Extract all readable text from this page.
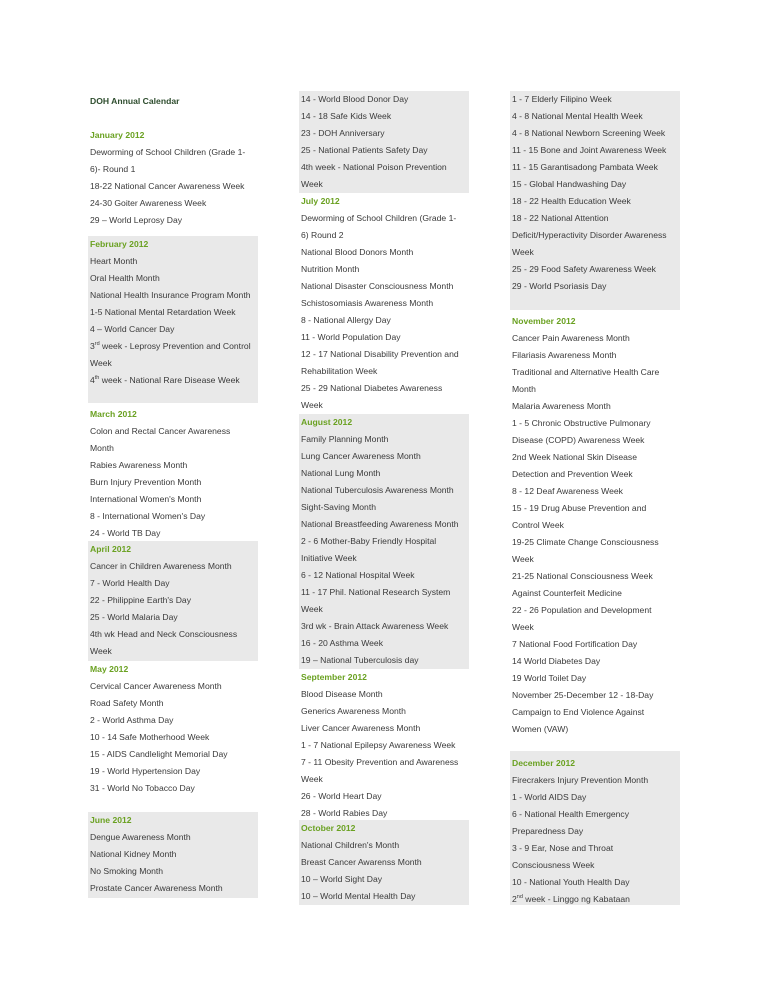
DOH Annual Calendar
January 2012
Deworming of School Children (Grade 1-
6)- Round 1
18-22 National Cancer Awareness Week
24-30 Goiter Awareness Week
29 – World Leprosy Day
February 2012
Heart Month
Oral Health Month
National Health Insurance Program Month
1-5 National Mental Retardation Week
4 – World Cancer Day
3rd week - Leprosy Prevention and Control
Week
4th week - National Rare Disease Week
March 2012
Colon and Rectal Cancer Awareness
Month
Rabies Awareness Month
Burn Injury Prevention Month
International Women's Month
8 - International Women's Day
24 - World TB Day
April 2012
Cancer in Children Awareness Month
7 - World Health Day
22 - Philippine Earth's Day
25 - World Malaria Day
4th wk Head and Neck Consciousness
Week
May 2012
Cervical Cancer Awareness Month
Road Safety Month
2 - World Asthma Day
10 - 14 Safe Motherhood Week
15 - AIDS Candlelight Memorial Day
19 - World Hypertension Day
31 - World No Tobacco Day
June 2012
Dengue Awareness Month
National Kidney Month
No Smoking Month
Prostate Cancer Awareness Month
14 - World Blood Donor Day
14 - 18 Safe Kids Week
23 - DOH Anniversary
25 - National Patients Safety Day
4th week - National Poison Prevention
Week
July 2012
Deworming of School Children (Grade 1-
6) Round 2
National Blood Donors Month
Nutrition Month
National Disaster Consciousness Month
Schistosomiasis Awareness Month
8 - National Allergy Day
11 - World Population Day
12 - 17 National Disability Prevention and
Rehabilitation Week
25 - 29 National Diabetes Awareness
Week
August 2012
Family Planning Month
Lung Cancer Awareness Month
National Lung Month
National Tuberculosis Awareness Month
Sight-Saving Month
National Breastfeeding Awareness Month
2 - 6 Mother-Baby Friendly Hospital
Initiative Week
6 - 12 National Hospital Week
11 - 17 Phil. National Research System
Week
3rd wk - Brain Attack Awareness Week
16 - 20 Asthma Week
19 – National Tuberculosis day
September 2012
Blood Disease Month
Generics Awareness Month
Liver Cancer Awareness Month
1 - 7 National Epilepsy Awareness Week
7 - 11 Obesity Prevention and Awareness
Week
26 - World Heart Day
28 - World Rabies Day
October 2012
National Children's Month
Breast Cancer Awarenss Month
10 – World Sight Day
10 – World Mental Health Day
1 - 7 Elderly Filipino Week
4 - 8 National Mental Health Week
4 - 8 National Newborn Screening Week
11 - 15 Bone and Joint Awareness Week
11 - 15 Garantisadong Pambata Week
15 - Global Handwashing Day
18 - 22 Health Education Week
18 - 22 National Attention
Deficit/Hyperactivity Disorder Awareness
Week
25 - 29 Food Safety Awareness Week
29 - World Psoriasis Day
November 2012
Cancer Pain Awareness Month
Filariasis Awareness Month
Traditional and Alternative Health Care
Month
Malaria Awareness Month
1 - 5 Chronic Obstructive Pulmonary
Disease (COPD) Awareness Week
2nd Week National Skin Disease
Detection and Prevention Week
8 - 12 Deaf Awareness Week
15 - 19 Drug Abuse Prevention and
Control Week
19-25 Climate Change Consciousness
Week
21-25 National Consciousness Week
Against Counterfeit Medicine
22 - 26 Population and Development
Week
7 National Food Fortification Day
14 World Diabetes Day
19 World Toilet Day
November 25-December 12 - 18-Day
Campaign to End Violence Against
Women (VAW)
December 2012
Firecrakers Injury Prevention Month
1 - World AIDS Day
6 - National Health Emergency
Preparedness Day
3 - 9 Ear, Nose and Throat
Consciousness Week
10 - National Youth Health Day
2nd week - Linggo ng Kabataan
